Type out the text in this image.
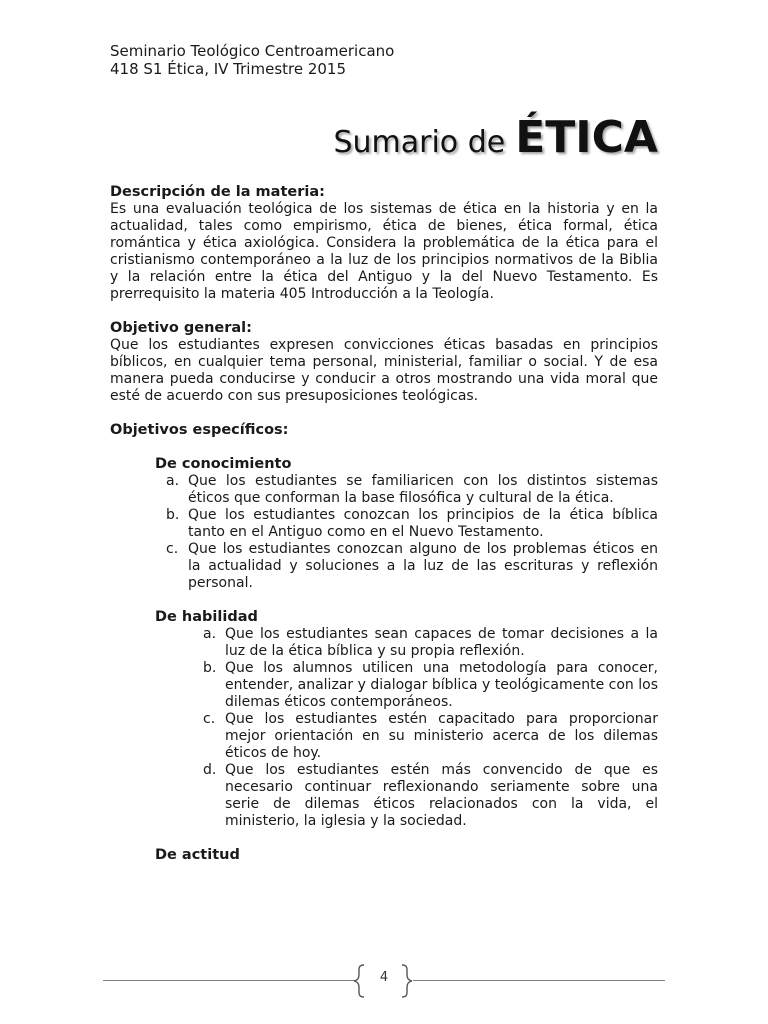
Seminario Teológico Centroamericano
418 S1 Ética, IV Trimestre 2015
Sumario de ÉTICA
Descripción de la materia:

Es una evaluación teológica de los sistemas de ética en la historia y en la actualidad, tales como empirismo, ética de bienes, ética formal, ética romántica y ética axiológica. Considera la problemática de la ética para el cristianismo contemporáneo a la luz de los principios normativos de la Biblia y la relación entre la ética del Antiguo y la del Nuevo Testamento. Es prerrequisito la materia 405 Introducción a la Teología.

Objetivo general:

Que los estudiantes expresen convicciones éticas basadas en principios bíblicos, en cualquier tema personal, ministerial, familiar o social. Y de esa manera pueda conducirse y conducir a otros mostrando una vida moral que esté de acuerdo con sus presuposiciones teológicas.

Objetivos específicos:
De conocimiento
a. Que los estudiantes se familiaricen con los distintos sistemas éticos que conforman la base filosófica y cultural de la ética.
b. Que los estudiantes conozcan los principios de la ética bíblica tanto en el Antiguo como en el Nuevo Testamento.
c. Que los estudiantes conozcan alguno de los problemas éticos en la actualidad y soluciones a la luz de las escrituras y reflexión personal.
De habilidad
a. Que los estudiantes sean capaces de tomar decisiones a la luz de la ética bíblica y su propia reflexión.
b. Que los alumnos utilicen una metodología para conocer, entender, analizar y dialogar bíblica y teológicamente con los dilemas éticos contemporáneos.
c. Que los estudiantes estén capacitado para proporcionar mejor orientación en su ministerio acerca de los dilemas éticos de hoy.
d. Que los estudiantes estén más convencido de que es necesario continuar reflexionando seriamente sobre una serie de dilemas éticos relacionados con la vida, el ministerio, la iglesia y la sociedad.
De actitud
4
